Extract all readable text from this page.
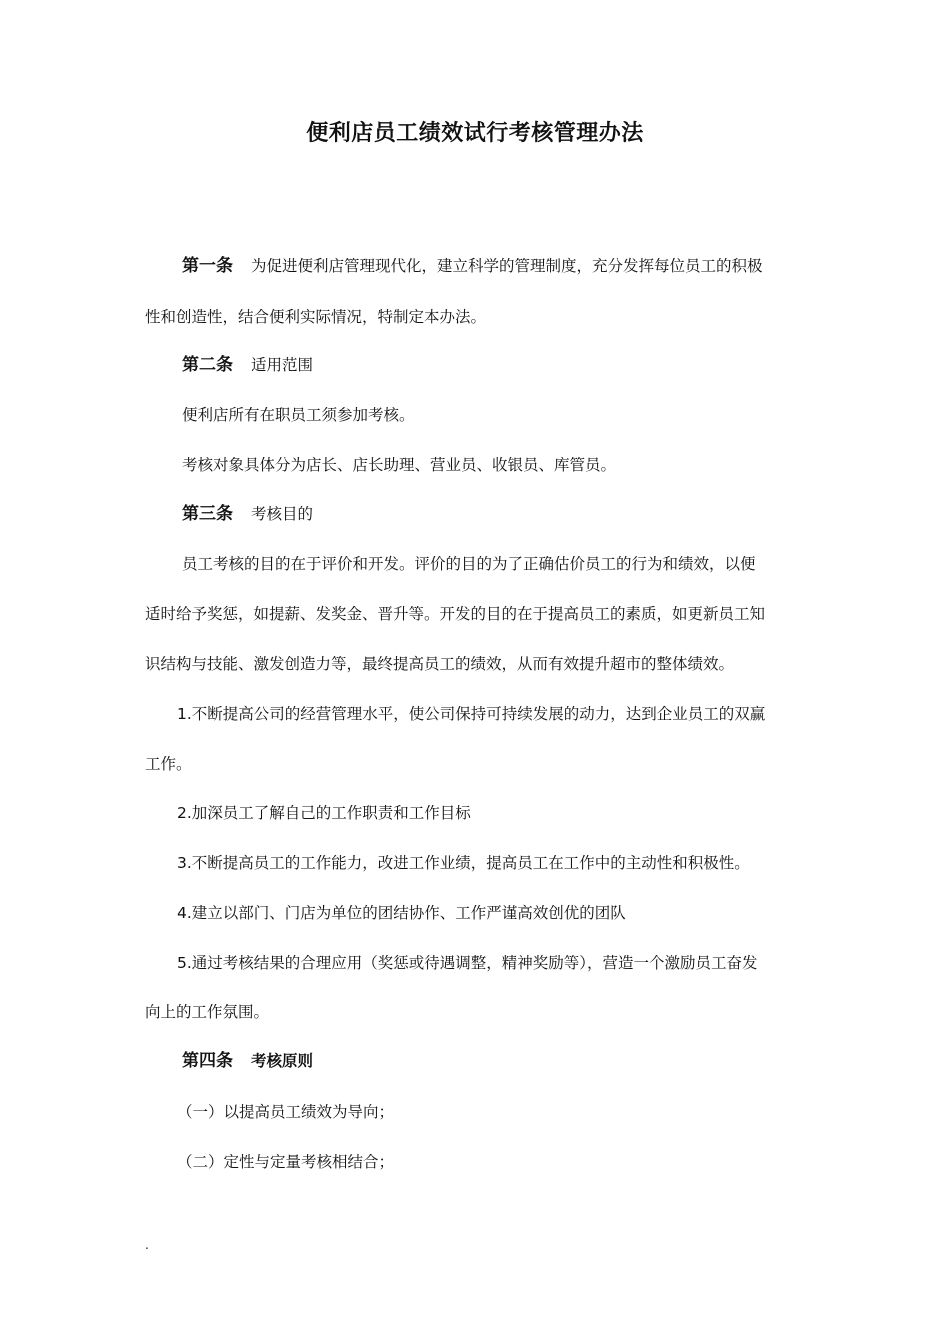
便利店员工绩效试行考核管理办法
第一条 为促进便利店管理现代化，建立科学的管理制度，充分发挥每位员工的积极
性和创造性，结合便利实际情况，特制定本办法。
第二条 适用范围
便利店所有在职员工须参加考核。
考核对象具体分为店长、店长助理、营业员、收银员、库管员。
第三条 考核目的
员工考核的目的在于评价和开发。评价的目的为了正确估价员工的行为和绩效，以便
适时给予奖惩，如提薪、发奖金、晋升等。开发的目的在于提高员工的素质，如更新员工知
识结构与技能、激发创造力等，最终提高员工的绩效，从而有效提升超市的整体绩效。
1.不断提高公司的经营管理水平，使公司保持可持续发展的动力，达到企业员工的双赢
工作。
2.加深员工了解自己的工作职责和工作目标
3.不断提高员工的工作能力，改进工作业绩，提高员工在工作中的主动性和积极性。
4.建立以部门、门店为单位的团结协作、工作严谨高效创优的团队
5.通过考核结果的合理应用（奖惩或待遇调整，精神奖励等），营造一个激励员工奋发
向上的工作氛围。
第四条 考核原则
（一）以提高员工绩效为导向；
（二）定性与定量考核相结合；
.
